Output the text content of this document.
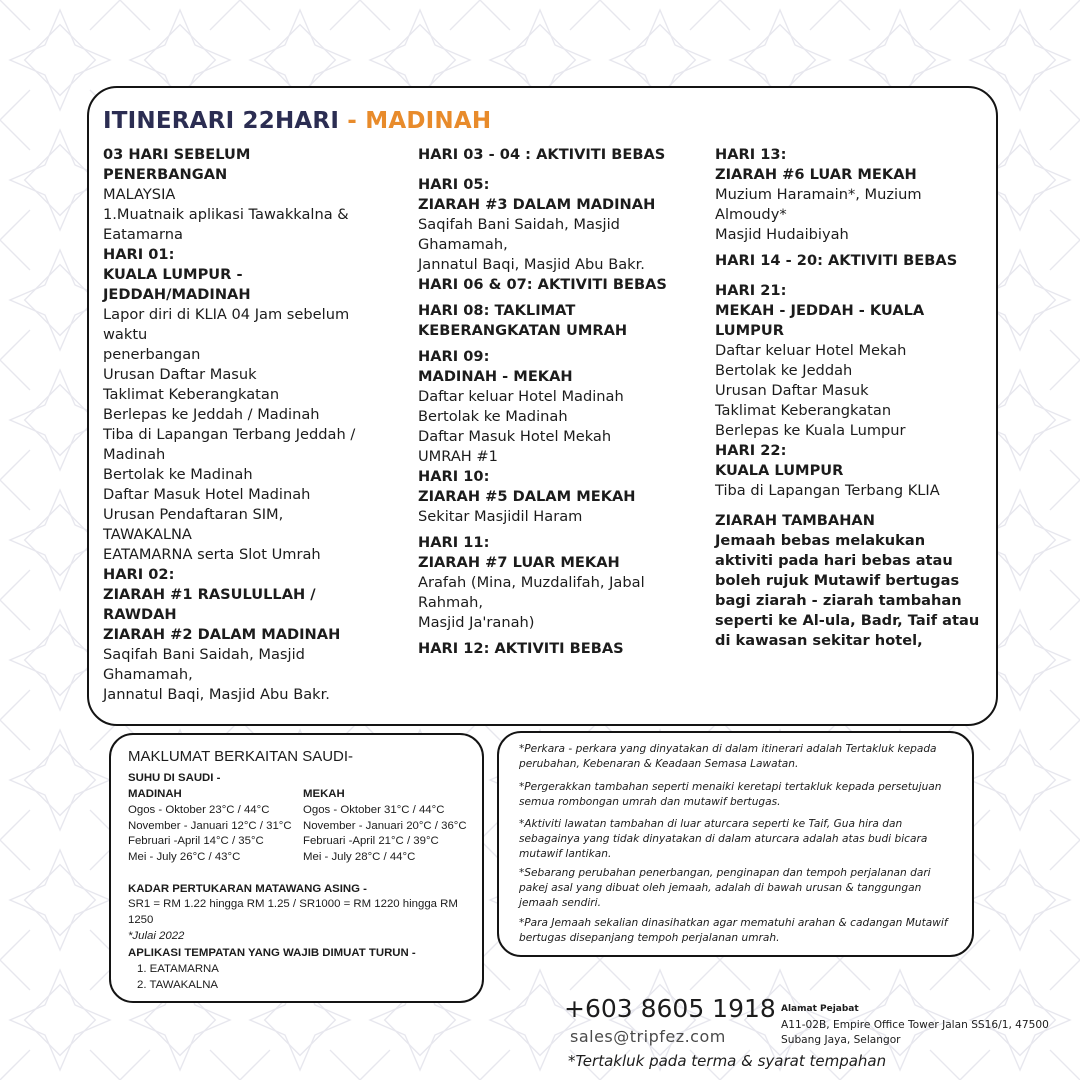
ITINERARI 22HARI - MADINAH

03 HARI SEBELUM PENERBANGAN

MALAYSIA

1.Muatnaik aplikasi Tawakkalna & Eatamarna

HARI 01:

KUALA LUMPUR - JEDDAH/MADINAH

Lapor diri di KLIA 04 Jam sebelum waktu

penerbangan

Urusan Daftar Masuk

Taklimat Keberangkatan

Berlepas ke Jeddah / Madinah

Tiba di Lapangan Terbang Jeddah / Madinah

Bertolak ke Madinah

Daftar Masuk Hotel Madinah

Urusan Pendaftaran SIM, TAWAKALNA

EATAMARNA serta Slot Umrah

HARI 02:

ZIARAH #1 RASULULLAH / RAWDAH

ZIARAH #2 DALAM MADINAH

Saqifah Bani Saidah, Masjid Ghamamah,

Jannatul Baqi, Masjid Abu Bakr.

HARI 03 - 04 : AKTIVITI BEBAS

HARI 05:

ZIARAH #3 DALAM MADINAH

Saqifah Bani Saidah, Masjid Ghamamah,

Jannatul Baqi, Masjid Abu Bakr.

HARI 06 & 07: AKTIVITI BEBAS

HARI 08: TAKLIMAT KEBERANGKATAN UMRAH

HARI 09:

MADINAH - MEKAH

Daftar keluar Hotel Madinah

Bertolak ke Madinah

Daftar Masuk Hotel Mekah

UMRAH #1

HARI 10:

ZIARAH #5 DALAM MEKAH

Sekitar Masjidil Haram

HARI 11:

ZIARAH #7 LUAR MEKAH

Arafah (Mina, Muzdalifah, Jabal Rahmah,

Masjid Ja'ranah)

HARI 12: AKTIVITI BEBAS

HARI 13:

ZIARAH #6 LUAR MEKAH

Muzium Haramain*, Muzium Almoudy*

Masjid Hudaibiyah

HARI 14 - 20: AKTIVITI BEBAS

HARI 21:

MEKAH - JEDDAH - KUALA LUMPUR

Daftar keluar Hotel Mekah

Bertolak ke Jeddah

Urusan Daftar Masuk

Taklimat Keberangkatan

Berlepas ke Kuala Lumpur

HARI 22:

KUALA LUMPUR

Tiba di Lapangan Terbang KLIA

ZIARAH TAMBAHAN

Jemaah bebas melakukan aktiviti pada hari bebas atau boleh rujuk Mutawif bertugas bagi ziarah - ziarah tambahan seperti ke Al-ula, Badr, Taif atau di kawasan sekitar hotel,

MAKLUMAT BERKAITAN SAUDI-
SUHU DI SAUDI -
MADINAH
Ogos - Oktober 23°C / 44°C
November - Januari 12°C / 31°C
Februari -April 14°C / 35°C
Mei - July 26°C / 43°C
MEKAH
Ogos - Oktober 31°C / 44°C
November - Januari 20°C / 36°C
Februari -April 21°C / 39°C
Mei - July 28°C / 44°C
KADAR PERTUKARAN MATAWANG ASING -
SR1 = RM 1.22 hingga RM 1.25 / SR1000 = RM 1220 hingga RM 1250
*Julai 2022
APLIKASI TEMPATAN YANG WAJIB DIMUAT TURUN -
1. EATAMARNA
2. TAWAKALNA

*Perkara - perkara yang dinyatakan di dalam itinerari adalah Tertakluk kepada perubahan, Kebenaran & Keadaan Semasa Lawatan.

*Pergerakkan tambahan seperti menaiki keretapi tertakluk kepada persetujuan semua rombongan umrah dan mutawif bertugas.

*Aktiviti lawatan tambahan di luar aturcara seperti ke Taif, Gua hira dan sebagainya yang tidak dinyatakan di dalam aturcara adalah atas budi bicara mutawif lantikan.

*Sebarang perubahan penerbangan, penginapan dan tempoh perjalanan dari pakej asal yang dibuat oleh jemaah, adalah di bawah urusan & tanggungan jemaah sendiri.

*Para Jemaah sekalian dinasihatkan agar mematuhi arahan & cadangan Mutawif bertugas disepanjang tempoh perjalanan umrah.

+603 8605 1918
sales@tripfez.com
Alamat Pejabat
A11-02B, Empire Office Tower Jalan SS16/1, 47500 Subang Jaya, Selangor
*Tertakluk pada terma & syarat tempahan
